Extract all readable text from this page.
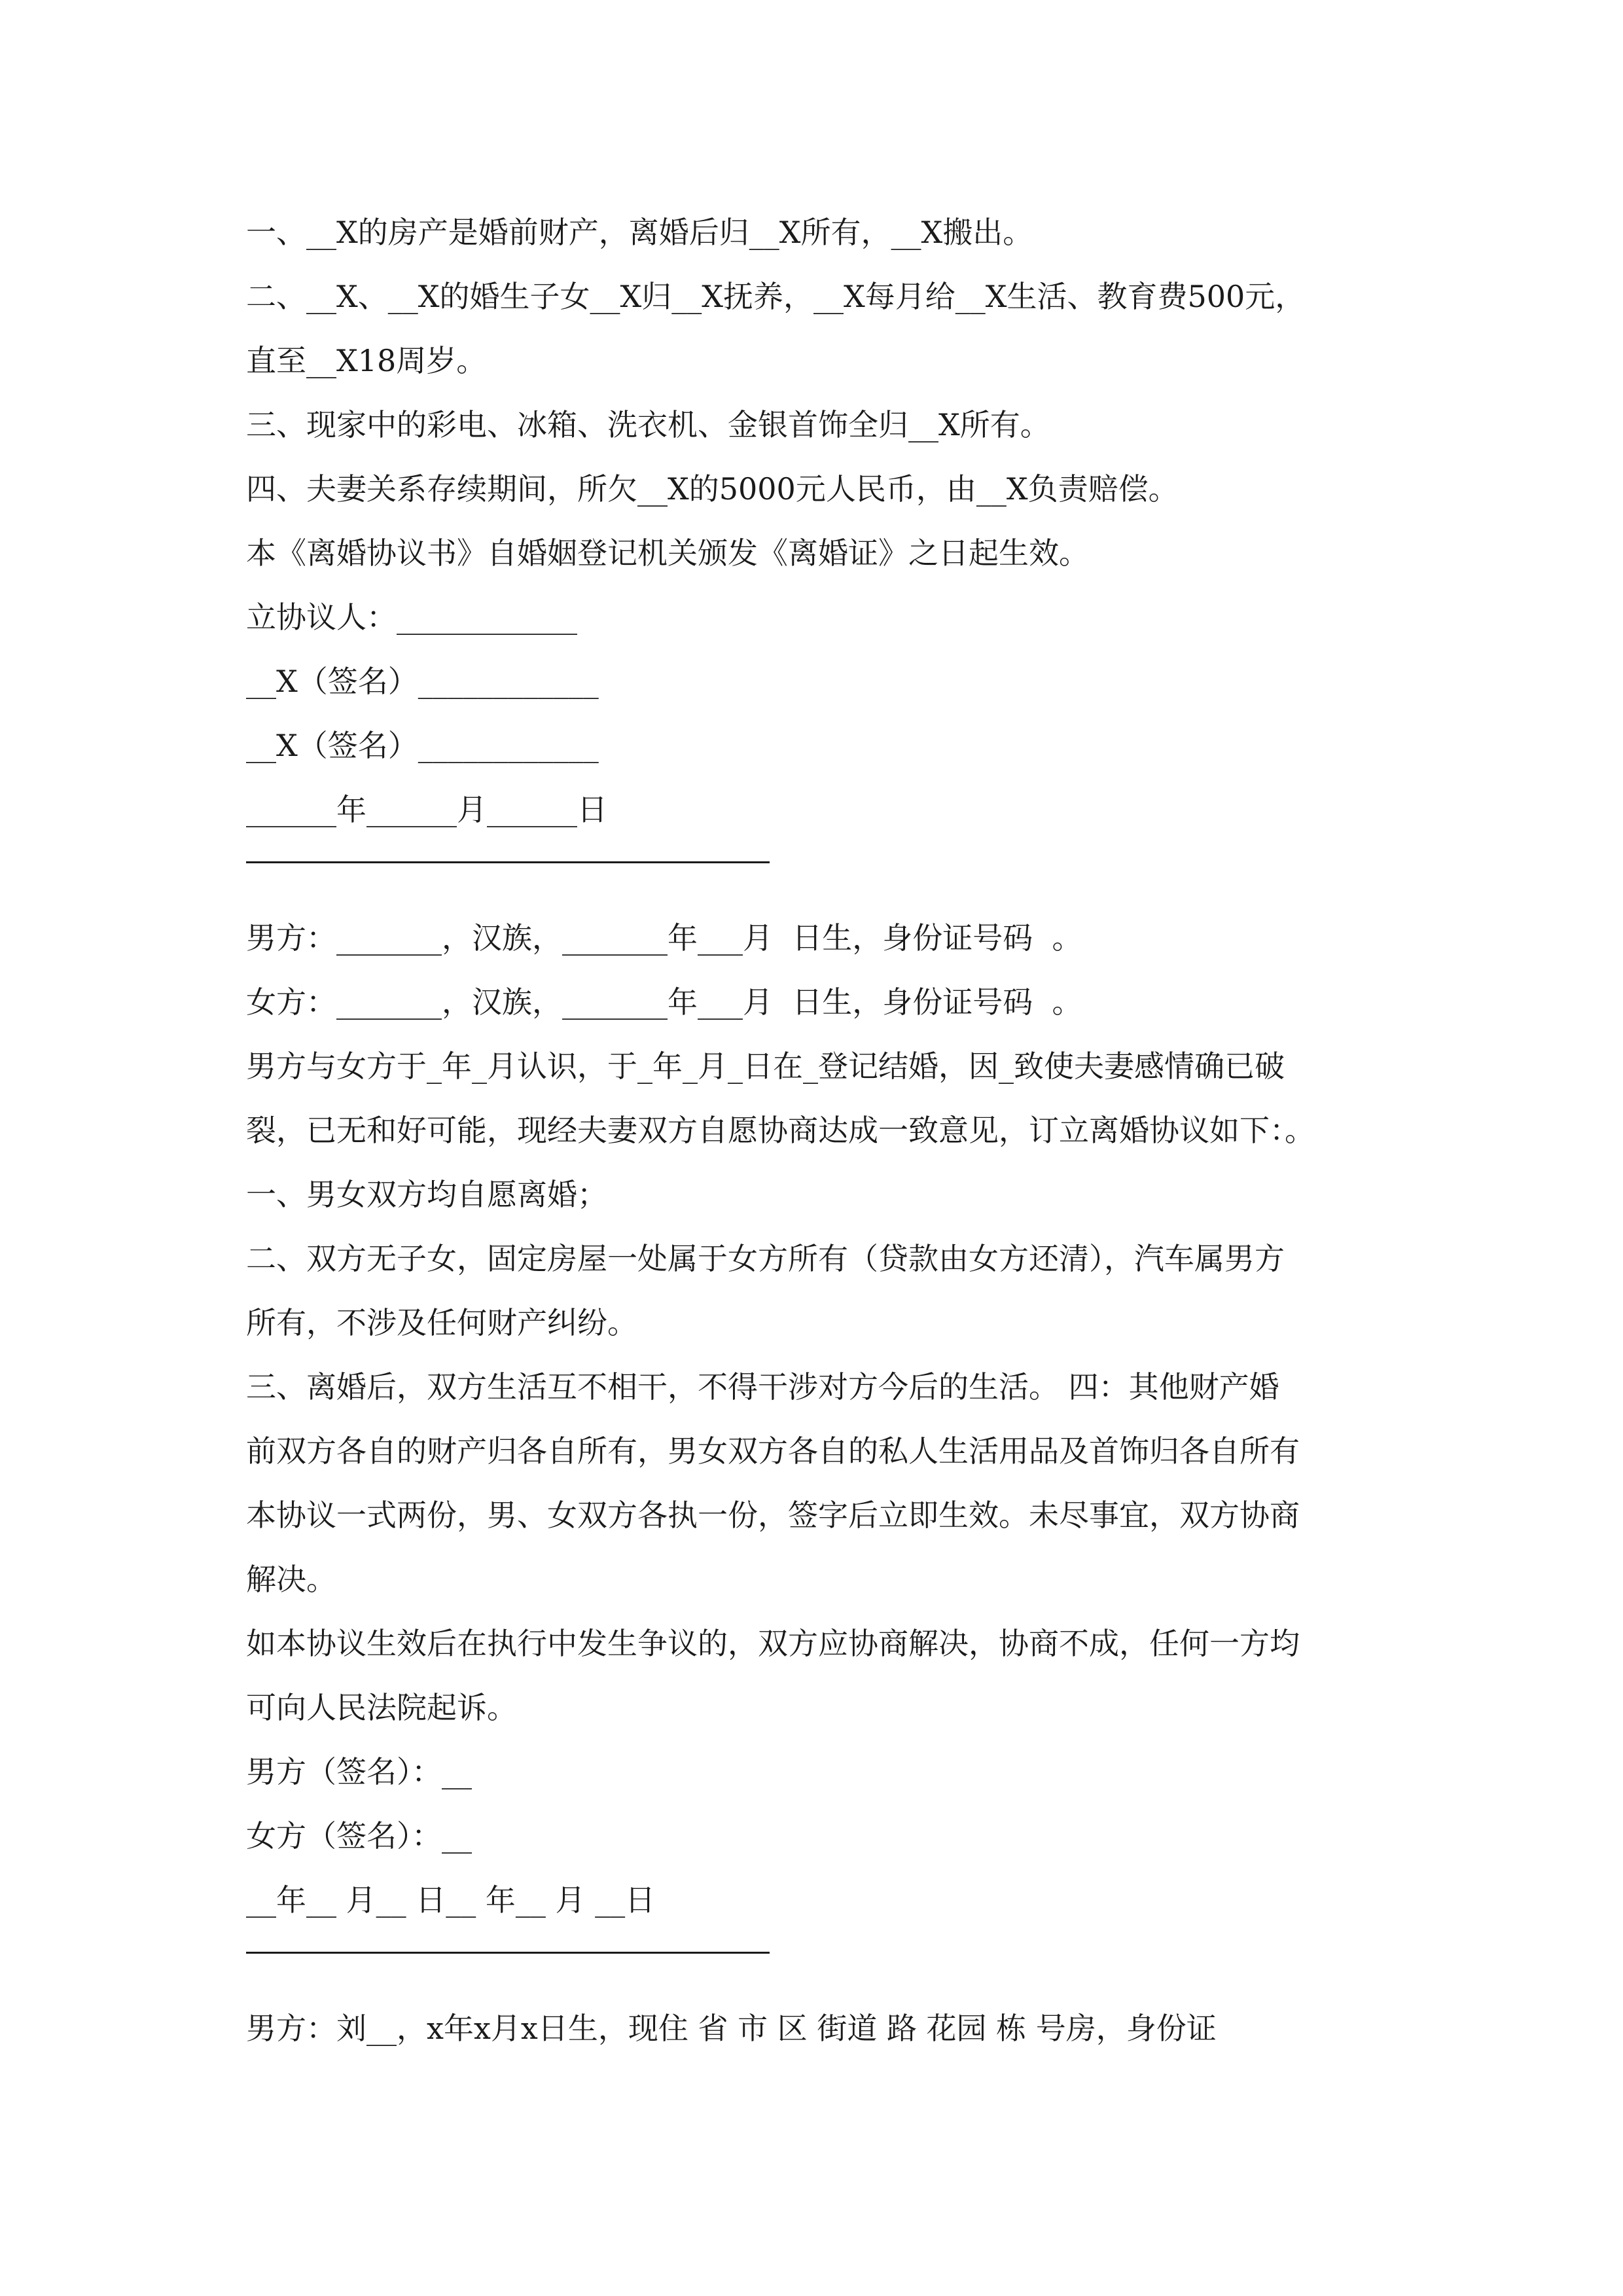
一、__X的房产是婚前财产，离婚后归__X所有，__X搬出。
二、__X、__X的婚生子女__X归__X抚养，__X每月给__X生活、教育费500元，
直至__X18周岁。
三、现家中的彩电、冰箱、洗衣机、金银首饰全归__X所有。
四、夫妻关系存续期间，所欠__X的5000元人民币，由__X负责赔偿。
本《离婚协议书》自婚姻登记机关颁发《离婚证》之日起生效。
立协议人：____________
__X（签名）____________
__X（签名）____________
______年______月______日
男方：_______，汉族，_______年___月  日生，身份证号码  。
女方：_______，汉族，_______年___月  日生，身份证号码  。
男方与女方于_年_月认识，于_年_月_日在_登记结婚，因_致使夫妻感情确已破
裂，已无和好可能，现经夫妻双方自愿协商达成一致意见，订立离婚协议如下：。
一、男女双方均自愿离婚；
二、双方无子女，固定房屋一处属于女方所有（贷款由女方还清），汽车属男方
所有，不涉及任何财产纠纷。
三、离婚后，双方生活互不相干，不得干涉对方今后的生活。 四：其他财产婚
前双方各自的财产归各自所有，男女双方各自的私人生活用品及首饰归各自所有
本协议一式两份，男、女双方各执一份，签字后立即生效。未尽事宜，双方协商
解决。
如本协议生效后在执行中发生争议的，双方应协商解决，协商不成，任何一方均
可向人民法院起诉。
男方（签名）：__
女方（签名）：__
__年__ 月__ 日__ 年__ 月 __日
男方：刘__，x年x月x日生，现住 省 市 区 街道 路 花园 栋 号房，身份证
